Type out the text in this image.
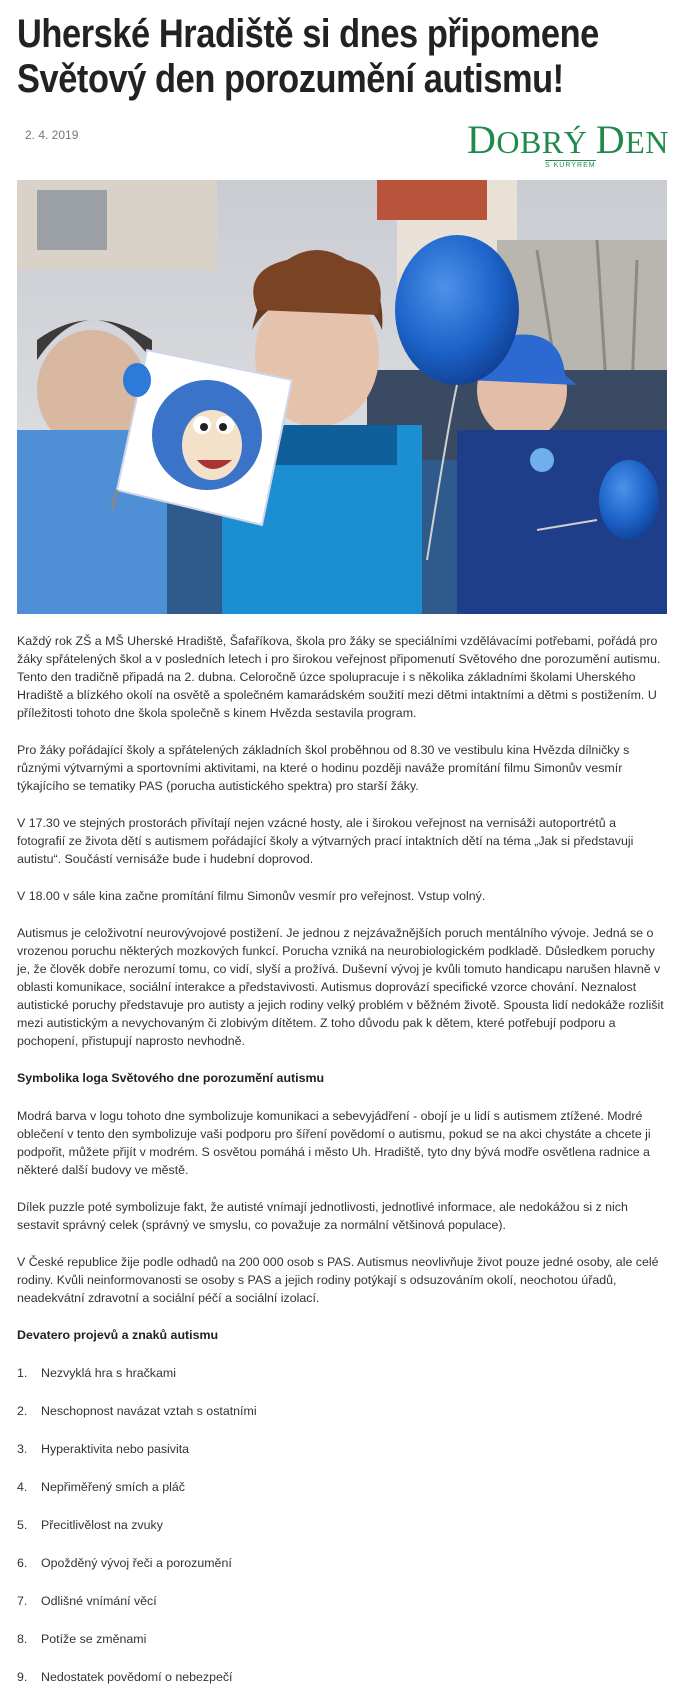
Uherské Hradiště si dnes připomene Světový den porozumění autismu!
2. 4. 2019	DOBRÝ DEN
S KURÝREM

Každý rok ZŠ a MŠ Uherské Hradiště, Šafaříkova, škola pro žáky se speciálními vzdělávacími potřebami, pořádá pro žáky spřátelených škol a v posledních letech i pro širokou veřejnost připomenutí Světového dne porozumění autismu. Tento den tradičně připadá na 2. dubna. Celoročně úzce spolupracuje i s několika základními školami Uherského Hradiště a blízkého okolí na osvětě a společném kamarádském soužití mezi dětmi intaktními a dětmi s postižením. U příležitosti tohoto dne škola společně s kinem Hvězda sestavila program.

Pro žáky pořádající školy a spřátelených základních škol proběhnou od 8.30 ve vestibulu kina Hvězda dílničky s různými výtvarnými a sportovními aktivitami, na které o hodinu později naváže promítání filmu Simonův vesmír týkajícího se tematiky PAS (porucha autistického spektra) pro starší žáky.

V 17.30 ve stejných prostorách přivítají nejen vzácné hosty, ale i širokou veřejnost na vernisáži autoportrétů a fotografií ze života dětí s autismem pořádající školy a výtvarných prací intaktních dětí na téma „Jak si představuji autistu“. Součástí vernisáže bude i hudební doprovod.

V 18.00 v sále kina začne promítání filmu Simonův vesmír pro veřejnost. Vstup volný.

Autismus je celoživotní neurovývojové postižení. Je jednou z nejzávažnějších poruch mentálního vývoje. Jedná se o vrozenou poruchu některých mozkových funkcí. Porucha vzniká na neurobiologickém podkladě. Důsledkem poruchy je, že člověk dobře nerozumí tomu, co vidí, slyší a prožívá. Duševní vývoj je kvůli tomuto handicapu narušen hlavně v oblasti komunikace, sociální interakce a představivosti. Autismus doprovází specifické vzorce chování. Neznalost autistické poruchy představuje pro autisty a jejich rodiny velký problém v běžném životě. Spousta lidí nedokáže rozlišit mezi autistickým a nevychovaným či zlobivým dítětem. Z toho důvodu pak k dětem, které potřebují podporu a pochopení, přistupují naprosto nevhodně.

Symbolika loga Světového dne porozumění autismu

Modrá barva v logu tohoto dne symbolizuje komunikaci a sebevyjádření - obojí je u lidí s autismem ztížené. Modré oblečení v tento den symbolizuje vaši podporu pro šíření povědomí o autismu, pokud se na akci chystáte a chcete ji podpořit, můžete přijít v modrém. S osvětou pomáhá i město Uh. Hradiště, tyto dny bývá modře osvětlena radnice a některé další budovy ve městě.

Dílek puzzle poté symbolizuje fakt, že autisté vnímají jednotlivosti, jednotlivé informace, ale nedokážou si z nich sestavit správný celek (správný ve smyslu, co považuje za normální většinová populace).

V České republice žije podle odhadů na 200 000 osob s PAS. Autismus neovlivňuje život pouze jedné osoby, ale celé rodiny. Kvůli neinformovanosti se osoby s PAS a jejich rodiny potýkají s odsuzováním okolí, neochotou úřadů, neadekvátní zdravotní a sociální péčí a sociální izolací.

Devatero projevů a znaků autismu
1.	Nezvyklá hra s hračkami
2.	Neschopnost navázat vztah s ostatními
3.	Hyperaktivita nebo pasivita
4.	Nepřiměřený smích a pláč
5.	Přecitlivělost na zvuky
6.	Opožděný vývoj řeči a porozumění
7.	Odlišné vnímání věcí
8.	Potíže se změnami
9.	Nedostatek povědomí o nebezpečí
